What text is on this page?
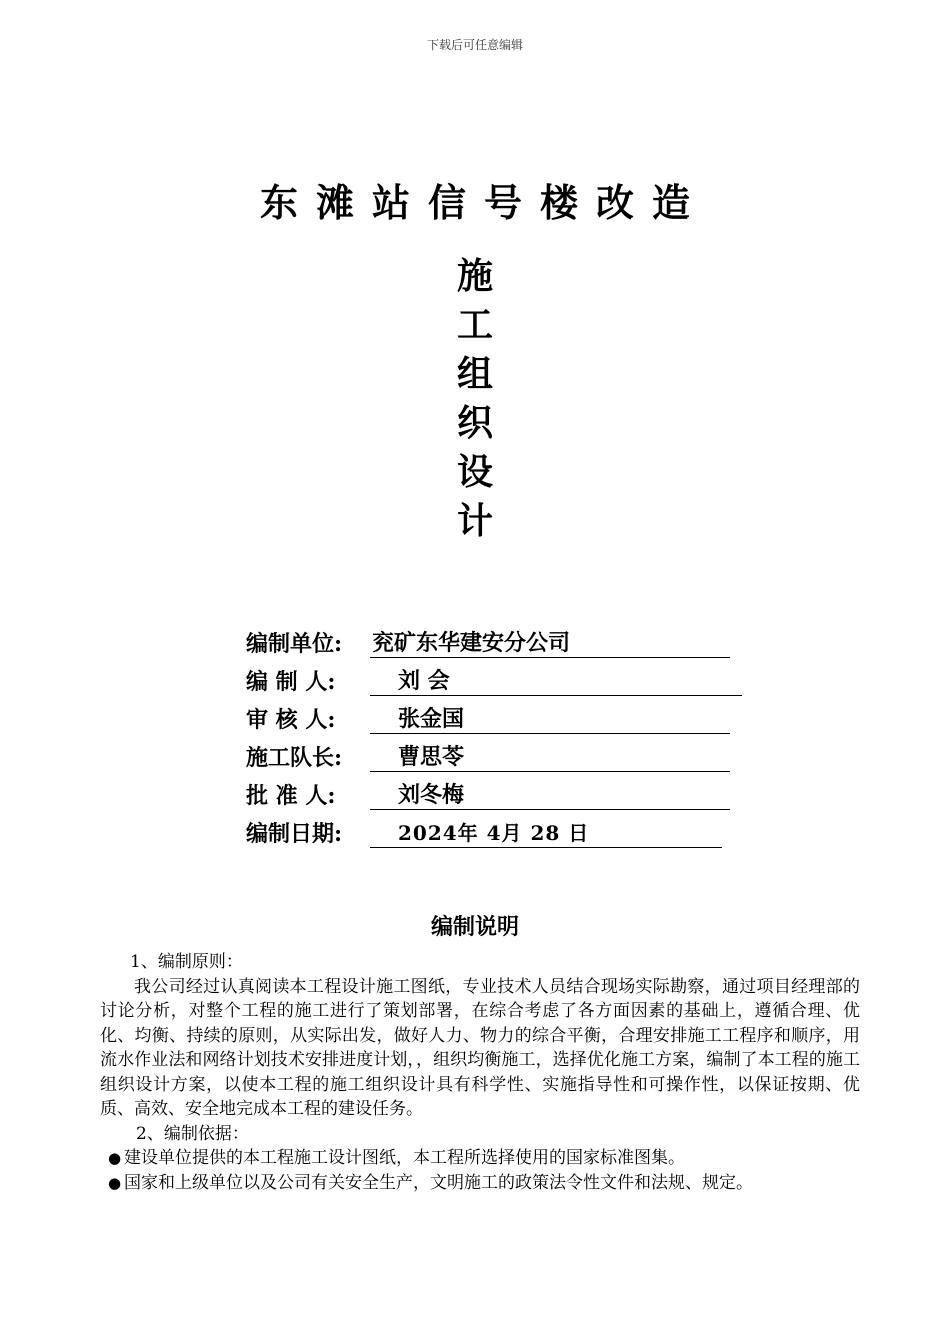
下载后可任意编辑
东滩站信号楼改造
施
工
组
织
设
计
编制单位:	兖矿东华建安分公司
编 制 人:	刘 会
审 核 人:	张金国
施工队长:	曹思苓
批 准 人:	刘冬梅
编制日期:	2024年 4月 28 日
编制说明
1、编制原则：
我公司经过认真阅读本工程设计施工图纸，专业技术人员结合现场实际勘察，通过项目经理部的讨论分析，对整个工程的施工进行了策划部署，在综合考虑了各方面因素的基础上，遵循合理、优化、均衡、持续的原则，从实际出发，做好人力、物力的综合平衡，合理安排施工工程序和顺序，用流水作业法和网络计划技术安排进度计划，，组织均衡施工，选择优化施工方案，编制了本工程的施工组织设计方案，以使本工程的施工组织设计具有科学性、实施指导性和可操作性，以保证按期、优质、高效、安全地完成本工程的建设任务。
2、编制依据：
● 建设单位提供的本工程施工设计图纸，本工程所选择使用的国家标准图集。
● 国家和上级单位以及公司有关安全生产，文明施工的政策法令性文件和法规、规定。
